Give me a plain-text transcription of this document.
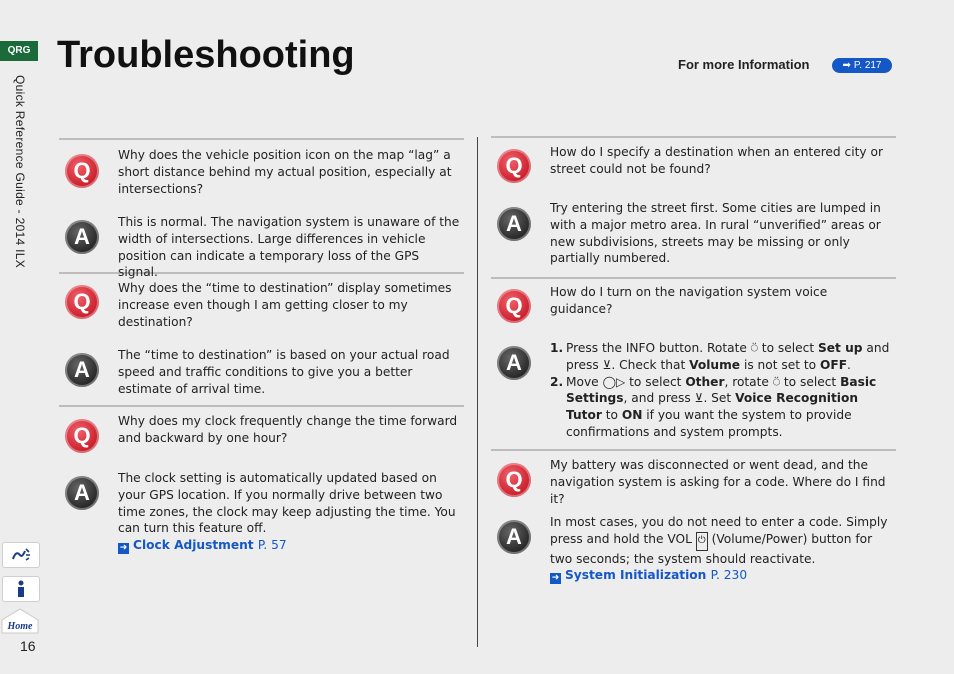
QRG
Quick Reference Guide - 2014 ILX
Home
16
Troubleshooting	For more Information	➡ P. 217
Q
Why does the vehicle position icon on the map “lag” a short distance behind my actual position, especially at intersections?
A
This is normal. The navigation system is unaware of the width of intersections. Large differences in vehicle position can indicate a temporary loss of the GPS signal.
Q
Why does the “time to destination” display sometimes increase even though I am getting closer to my destination?
A
The “time to destination” is based on your actual road speed and traffic conditions to give you a better estimate of arrival time.
Q
Why does my clock frequently change the time forward and backward by one hour?
A
The clock setting is automatically updated based on your GPS location. If you normally drive between two time zones, the clock may keep adjusting the time. You can turn this feature off.
➜ Clock Adjustment P. 57
Q
How do I specify a destination when an entered city or street could not be found?
A
Try entering the street first. Some cities are lumped in with a major metro area. In rural “unverified” areas or new subdivisions, streets may be missing or only partially numbered.
Q
How do I turn on the navigation system voice guidance?
A
1. Press the INFO button. Rotate ⍥ to select Set up and press ⊻. Check that Volume is not set to OFF.
2. Move ◯▷ to select Other, rotate ⍥ to select Basic Settings, and press ⊻. Set Voice Recognition Tutor to ON if you want the system to provide confirmations and system prompts.
Q
My battery was disconnected or went dead, and the navigation system is asking for a code. Where do I find it?
A
In most cases, you do not need to enter a code. Simply press and hold the VOL ⏻ (Volume/Power) button for two seconds; the system should reactivate.
➜ System Initialization P. 230
